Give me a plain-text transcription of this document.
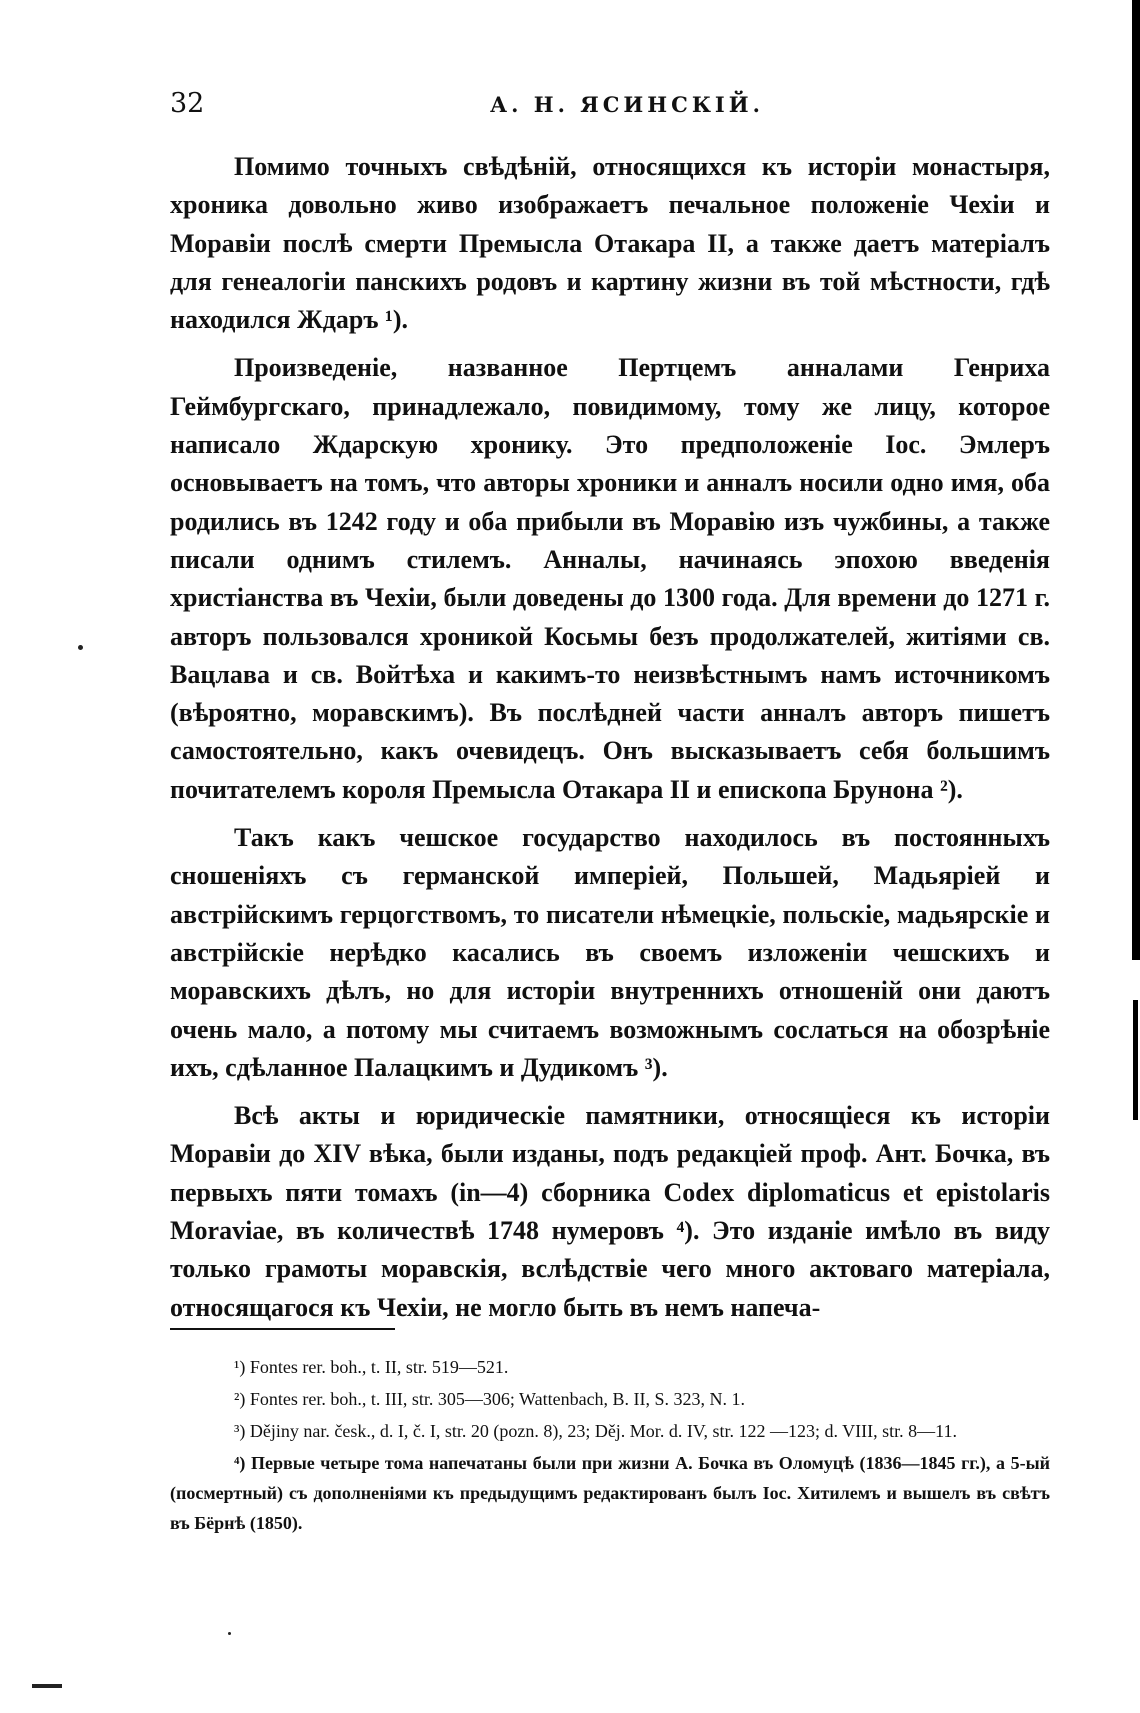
32	А. Н. ЯСИНСКІЙ.

Помимо точныхъ свѣдѣній, относящихся къ исторіи монастыря, хроника довольно живо изображаетъ печальное положеніе Чехіи и Моравіи послѣ смерти Премысла Отакара II, а также даетъ матеріалъ для генеалогіи панскихъ родовъ и картину жизни въ той мѣстности, гдѣ находился Ждаръ ¹).

Произведеніе, названное Пертцемъ анналами Генриха Геймбургскаго, принадлежало, повидимому, тому же лицу, которое написало Ждарскую хронику. Это предположеніе Іос. Эмлеръ основываетъ на томъ, что авторы хроники и анналъ носили одно имя, оба родились въ 1242 году и оба прибыли въ Моравію изъ чужбины, а также писали однимъ стилемъ. Анналы, начинаясь эпохою введенія христіанства въ Чехіи, были доведены до 1300 года. Для времени до 1271 г. авторъ пользовался хроникой Косьмы безъ продолжателей, житіями св. Вацлава и св. Войтѣха и какимъ-то неизвѣстнымъ намъ источникомъ (вѣроятно, моравскимъ). Въ послѣдней части анналъ авторъ пишетъ самостоятельно, какъ очевидецъ. Онъ высказываетъ себя большимъ почитателемъ короля Премысла Отакара II и епископа Брунона ²).

Такъ какъ чешское государство находилось въ постоянныхъ сношеніяхъ съ германской имперіей, Польшей, Мадьяріей и австрійскимъ герцогствомъ, то писатели нѣмецкіе, польскіе, мадьярскіе и австрійскіе нерѣдко касались въ своемъ изложеніи чешскихъ и моравскихъ дѣлъ, но для исторіи внутреннихъ отношеній они даютъ очень мало, а потому мы считаемъ возможнымъ сослаться на обозрѣніе ихъ, сдѣланное Палацкимъ и Дудикомъ ³).

Всѣ акты и юридическіе памятники, относящіеся къ исторіи Моравіи до XIV вѣка, были изданы, подъ редакціей проф. Ант. Бочка, въ первыхъ пяти томахъ (in—4) сборника Codex diplomaticus et epistolaris Moraviae, въ количествѣ 1748 нумеровъ ⁴). Это изданіе имѣло въ виду только грамоты моравскія, вслѣдствіе чего много актоваго матеріала, относящагося къ Чехіи, не могло быть въ немъ напеча-

¹) Fontes rer. boh., t. II, str. 519—521.

²) Fontes rer. boh., t. III, str. 305—306; Wattenbach, B. II, S. 323, N. 1.

³) Dějiny nar. česk., d. I, č. I, str. 20 (pozn. 8), 23; Děj. Mor. d. IV, str. 122 —123; d. VIII, str. 8—11.

⁴) Первые четыре тома напечатаны были при жизни А. Бочка въ Оломуцѣ (1836—1845 гг.), а 5-ый (посмертный) съ дополненіями къ предыдущимъ редактированъ былъ Іос. Хитилемъ и вышелъ въ свѣтъ въ Бёрнѣ (1850).
